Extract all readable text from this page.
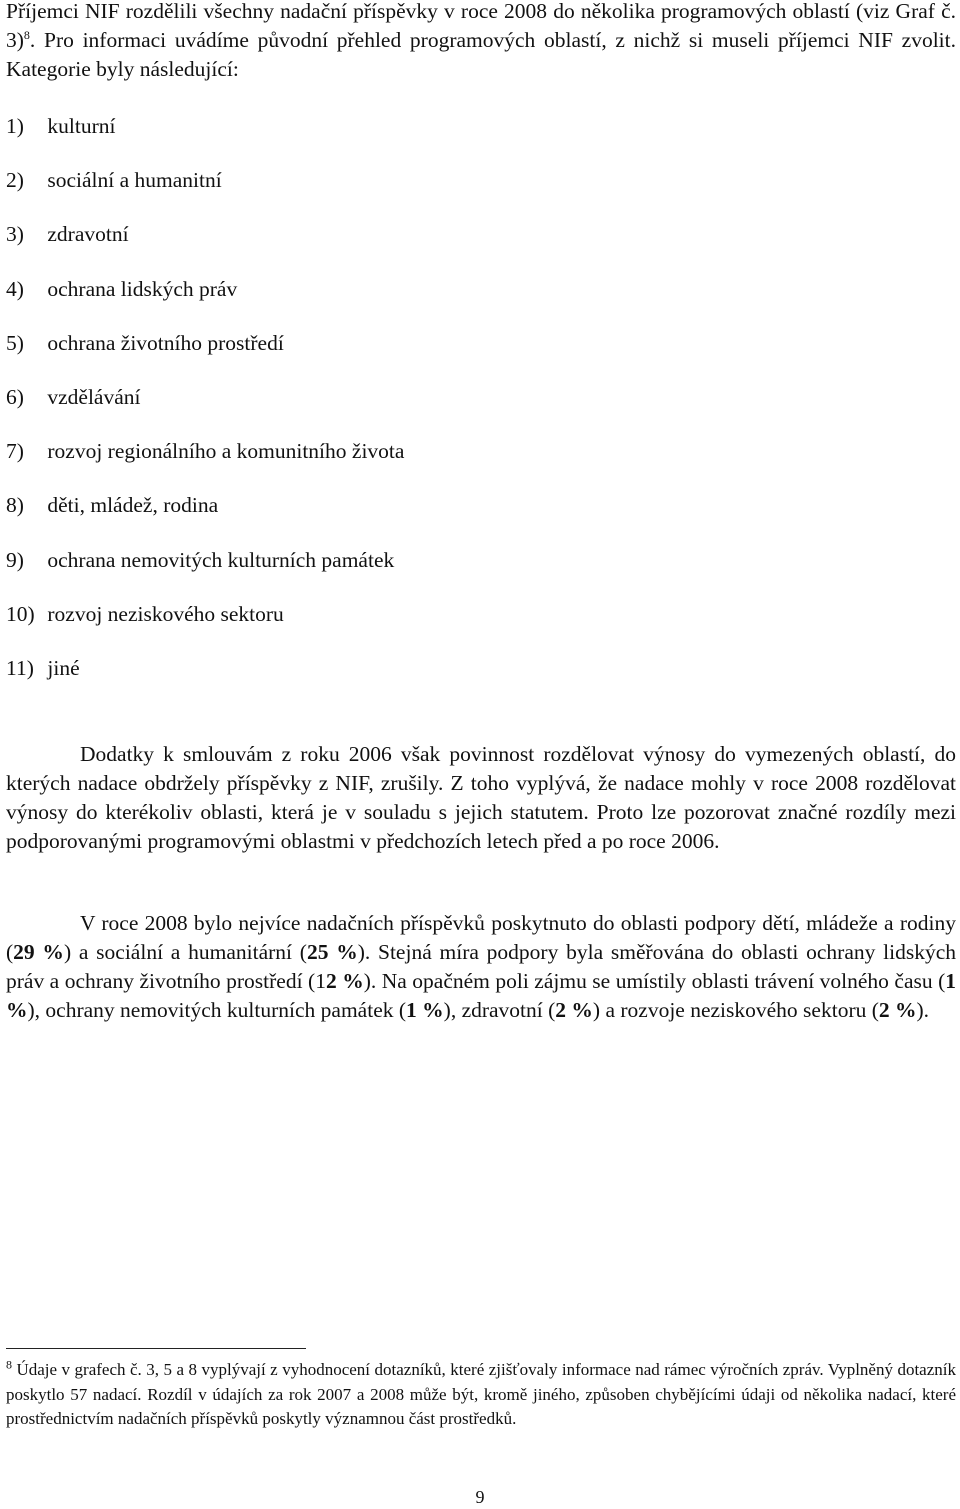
Příjemci NIF rozdělili všechny nadační příspěvky v roce 2008 do několika programových oblastí (viz Graf č. 3)$^8$. Pro informaci uvádíme původní přehled programových oblastí, z nichž si museli příjemci NIF zvolit. Kategorie byly následující:

1) kulturní
2) sociální a humanitní
3) zdravotní
4) ochrana lidských práv
5) ochrana životního prostředí
6) vzdělávání
7) rozvoj regionálního a komunitního života
8) děti, mládež, rodina
9) ochrana nemovitých kulturních památek
10) rozvoj neziskového sektoru
11) jiné

Dodatky k smlouvám z roku 2006 však povinnost rozdělovat výnosy do vymezených oblastí, do kterých nadace obdržely příspěvky z NIF, zrušily. Z toho vyplývá, že nadace mohly v roce 2008 rozdělovat výnosy do kterékoliv oblasti, která je v souladu s jejich statutem. Proto lze pozorovat značné rozdíly mezi podporovanými programovými oblastmi v předchozích letech před a po roce 2006.

V roce 2008 bylo nejvíce nadačních příspěvků poskytnuto do oblasti podpory dětí, mládeže a rodiny (29 %) a sociální a humanitární (25 %). Stejná míra podpory byla směřována do oblasti ochrany lidských práv a ochrany životního prostředí (12 %). Na opačném poli zájmu se umístily oblasti trávení volného času (1 %), ochrany nemovitých kulturních památek (1 %), zdravotní (2 %) a rozvoje neziskového sektoru (2 %).

$^8$ Údaje v grafech č. 3, 5 a 8 vyplývají z vyhodnocení dotazníků, které zjišťovaly informace nad rámec výročních zpráv. Vyplněný dotazník poskytlo 57 nadací. Rozdíl v údajích za rok 2007 a 2008 může být, kromě jiného, způsoben chybějícími údaji od několika nadací, které prostřednictvím nadačních příspěvků poskytly významnou část prostředků.

9
